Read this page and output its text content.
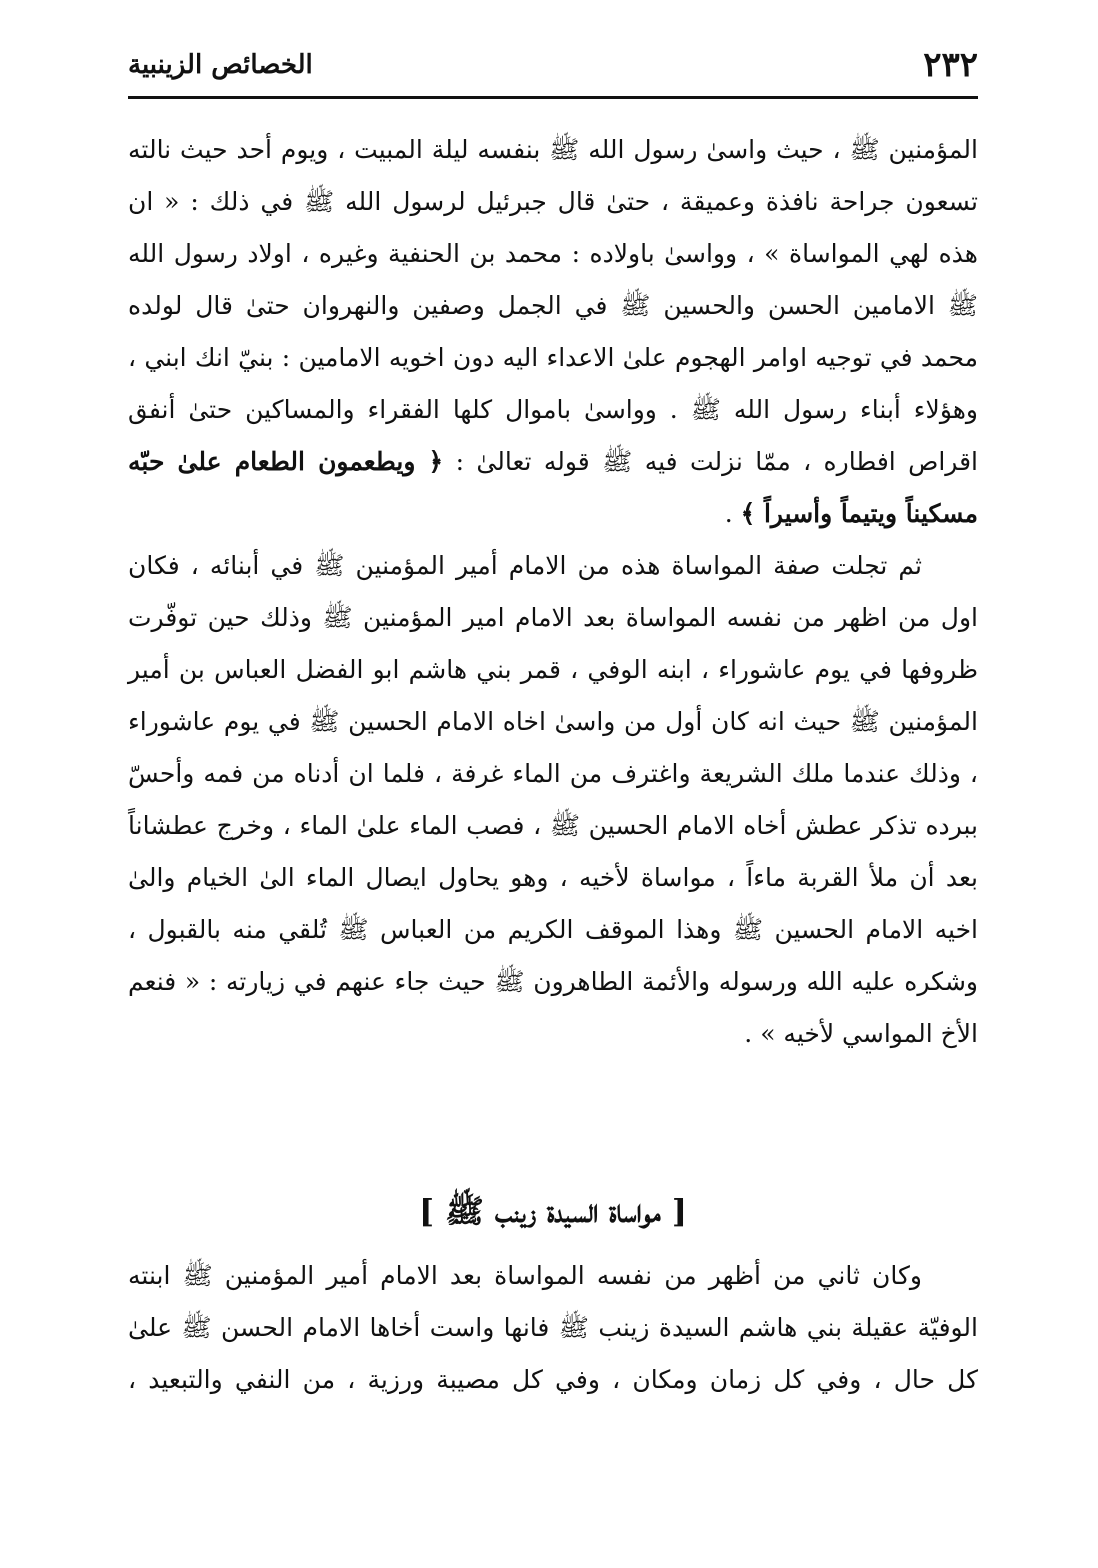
٢٣٢
الخصائص الزينبية

المؤمنين ﷺ ، حيث واسىٰ رسول الله ﷺ بنفسه ليلة المبيت ، ويوم أحد حيث نالته تسعون جراحة نافذة وعميقة ، حتىٰ قال جبرئيل لرسول الله ﷺ في ذلك : « ان هذه لهي المواساة » ، وواسىٰ باولاده : محمد بن الحنفية وغيره ، اولاد رسول الله ﷺ الامامين الحسن والحسين ﷺ في الجمل وصفين والنهروان حتىٰ قال لولده محمد في توجيه اوامر الهجوم علىٰ الاعداء اليه دون اخويه الامامين : بنيّ انك ابني ، وهؤلاء أبناء رسول الله ﷺ . وواسىٰ باموال كلها الفقراء والمساكين حتىٰ أنفق اقراص افطاره ، ممّا نزلت فيه ﷺ قوله تعالىٰ : ﴿ ويطعمون الطعام علىٰ حبّه مسكيناً ويتيماً وأسيراً ﴾ .

ثم تجلت صفة المواساة هذه من الامام أمير المؤمنين ﷺ في أبنائه ، فكان اول من اظهر من نفسه المواساة بعد الامام امير المؤمنين ﷺ وذلك حين توفّرت ظروفها في يوم عاشوراء ، ابنه الوفي ، قمر بني هاشم ابو الفضل العباس بن أمير المؤمنين ﷺ حيث انه كان أول من واسىٰ اخاه الامام الحسين ﷺ في يوم عاشوراء ، وذلك عندما ملك الشريعة واغترف من الماء غرفة ، فلما ان أدناه من فمه وأحسّ ببرده تذكر عطش أخاه الامام الحسين ﷺ ، فصب الماء علىٰ الماء ، وخرج عطشاناً بعد أن ملأ القربة ماءاً ، مواساة لأخيه ، وهو يحاول ايصال الماء الىٰ الخيام والىٰ اخيه الامام الحسين ﷺ وهذا الموقف الكريم من العباس ﷺ تُلقي منه بالقبول ، وشكره عليه الله ورسوله والأئمة الطاهرون ﷺ حيث جاء عنهم في زيارته : « فنعم الأخ المواسي لأخيه » .

[ مواساة السيدة زينب ﷺ ]

وكان ثاني من أظهر من نفسه المواساة بعد الامام أمير المؤمنين ﷺ ابنته الوفيّة عقيلة بني هاشم السيدة زينب ﷺ فانها واست أخاها الامام الحسن ﷺ علىٰ كل حال ، وفي كل زمان ومكان ، وفي كل مصيبة ورزية ، من النفي والتبعيد ،
